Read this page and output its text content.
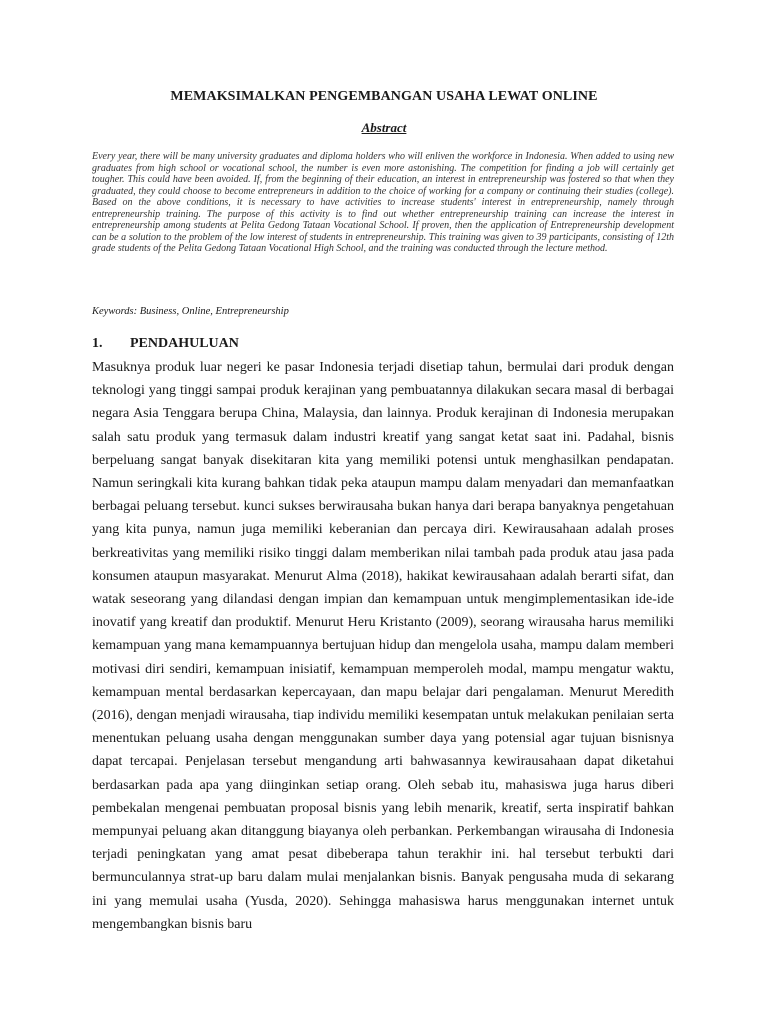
MEMAKSIMALKAN PENGEMBANGAN USAHA LEWAT ONLINE
Abstract
Every year, there will be many university graduates and diploma holders who will enliven the workforce in Indonesia. When added to using new graduates from high school or vocational school, the number is even more astonishing. The competition for finding a job will certainly get tougher. This could have been avoided. If, from the beginning of their education, an interest in entrepreneurship was fostered so that when they graduated, they could choose to become entrepreneurs in addition to the choice of working for a company or continuing their studies (college). Based on the above conditions, it is necessary to have activities to increase students' interest in entrepreneurship, namely through entrepreneurship training. The purpose of this activity is to find out whether entrepreneurship training can increase the interest in entrepreneurship among students at Pelita Gedong Tataan Vocational School. If proven, then the application of Entrepreneurship development can be a solution to the problem of the low interest of students in entrepreneurship. This training was given to 39 participants, consisting of 12th grade students of the Pelita Gedong Tataan Vocational High School, and the training was conducted through the lecture method.
Keywords: Business, Online, Entrepreneurship
1. PENDAHULUAN
Masuknya produk luar negeri ke pasar Indonesia terjadi disetiap tahun, bermulai dari produk dengan teknologi yang tinggi sampai produk kerajinan yang pembuatannya dilakukan secara masal di berbagai negara Asia Tenggara berupa China, Malaysia, dan lainnya. Produk kerajinan di Indonesia merupakan salah satu produk yang termasuk dalam industri kreatif yang sangat ketat saat ini. Padahal, bisnis berpeluang sangat banyak disekitaran kita yang memiliki potensi untuk menghasilkan pendapatan. Namun seringkali kita kurang bahkan tidak peka ataupun mampu dalam menyadari dan memanfaatkan berbagai peluang tersebut. kunci sukses berwirausaha bukan hanya dari berapa banyaknya pengetahuan yang kita punya, namun juga memiliki keberanian dan percaya diri. Kewirausahaan adalah proses berkreativitas yang memiliki risiko tinggi dalam memberikan nilai tambah pada produk atau jasa pada konsumen ataupun masyarakat. Menurut Alma (2018), hakikat kewirausahaan adalah berarti sifat, dan watak seseorang yang dilandasi dengan impian dan kemampuan untuk mengimplementasikan ide-ide inovatif yang kreatif dan produktif. Menurut Heru Kristanto (2009), seorang wirausaha harus memiliki kemampuan yang mana kemampuannya bertujuan hidup dan mengelola usaha, mampu dalam memberi motivasi diri sendiri, kemampuan inisiatif, kemampuan memperoleh modal, mampu mengatur waktu, kemampuan mental berdasarkan kepercayaan, dan mapu belajar dari pengalaman. Menurut Meredith (2016), dengan menjadi wirausaha, tiap individu memiliki kesempatan untuk melakukan penilaian serta menentukan peluang usaha dengan menggunakan sumber daya yang potensial agar tujuan bisnisnya dapat tercapai. Penjelasan tersebut mengandung arti bahwasannya kewirausahaan dapat diketahui berdasarkan pada apa yang diinginkan setiap orang. Oleh sebab itu, mahasiswa juga harus diberi pembekalan mengenai pembuatan proposal bisnis yang lebih menarik, kreatif, serta inspiratif bahkan mempunyai peluang akan ditanggung biayanya oleh perbankan. Perkembangan wirausaha di Indonesia terjadi peningkatan yang amat pesat dibeberapa tahun terakhir ini. hal tersebut terbukti dari bermunculannya strat-up baru dalam mulai menjalankan bisnis. Banyak pengusaha muda di sekarang ini yang memulai usaha (Yusda, 2020). Sehingga mahasiswa harus menggunakan internet untuk mengembangkan bisnis baru
